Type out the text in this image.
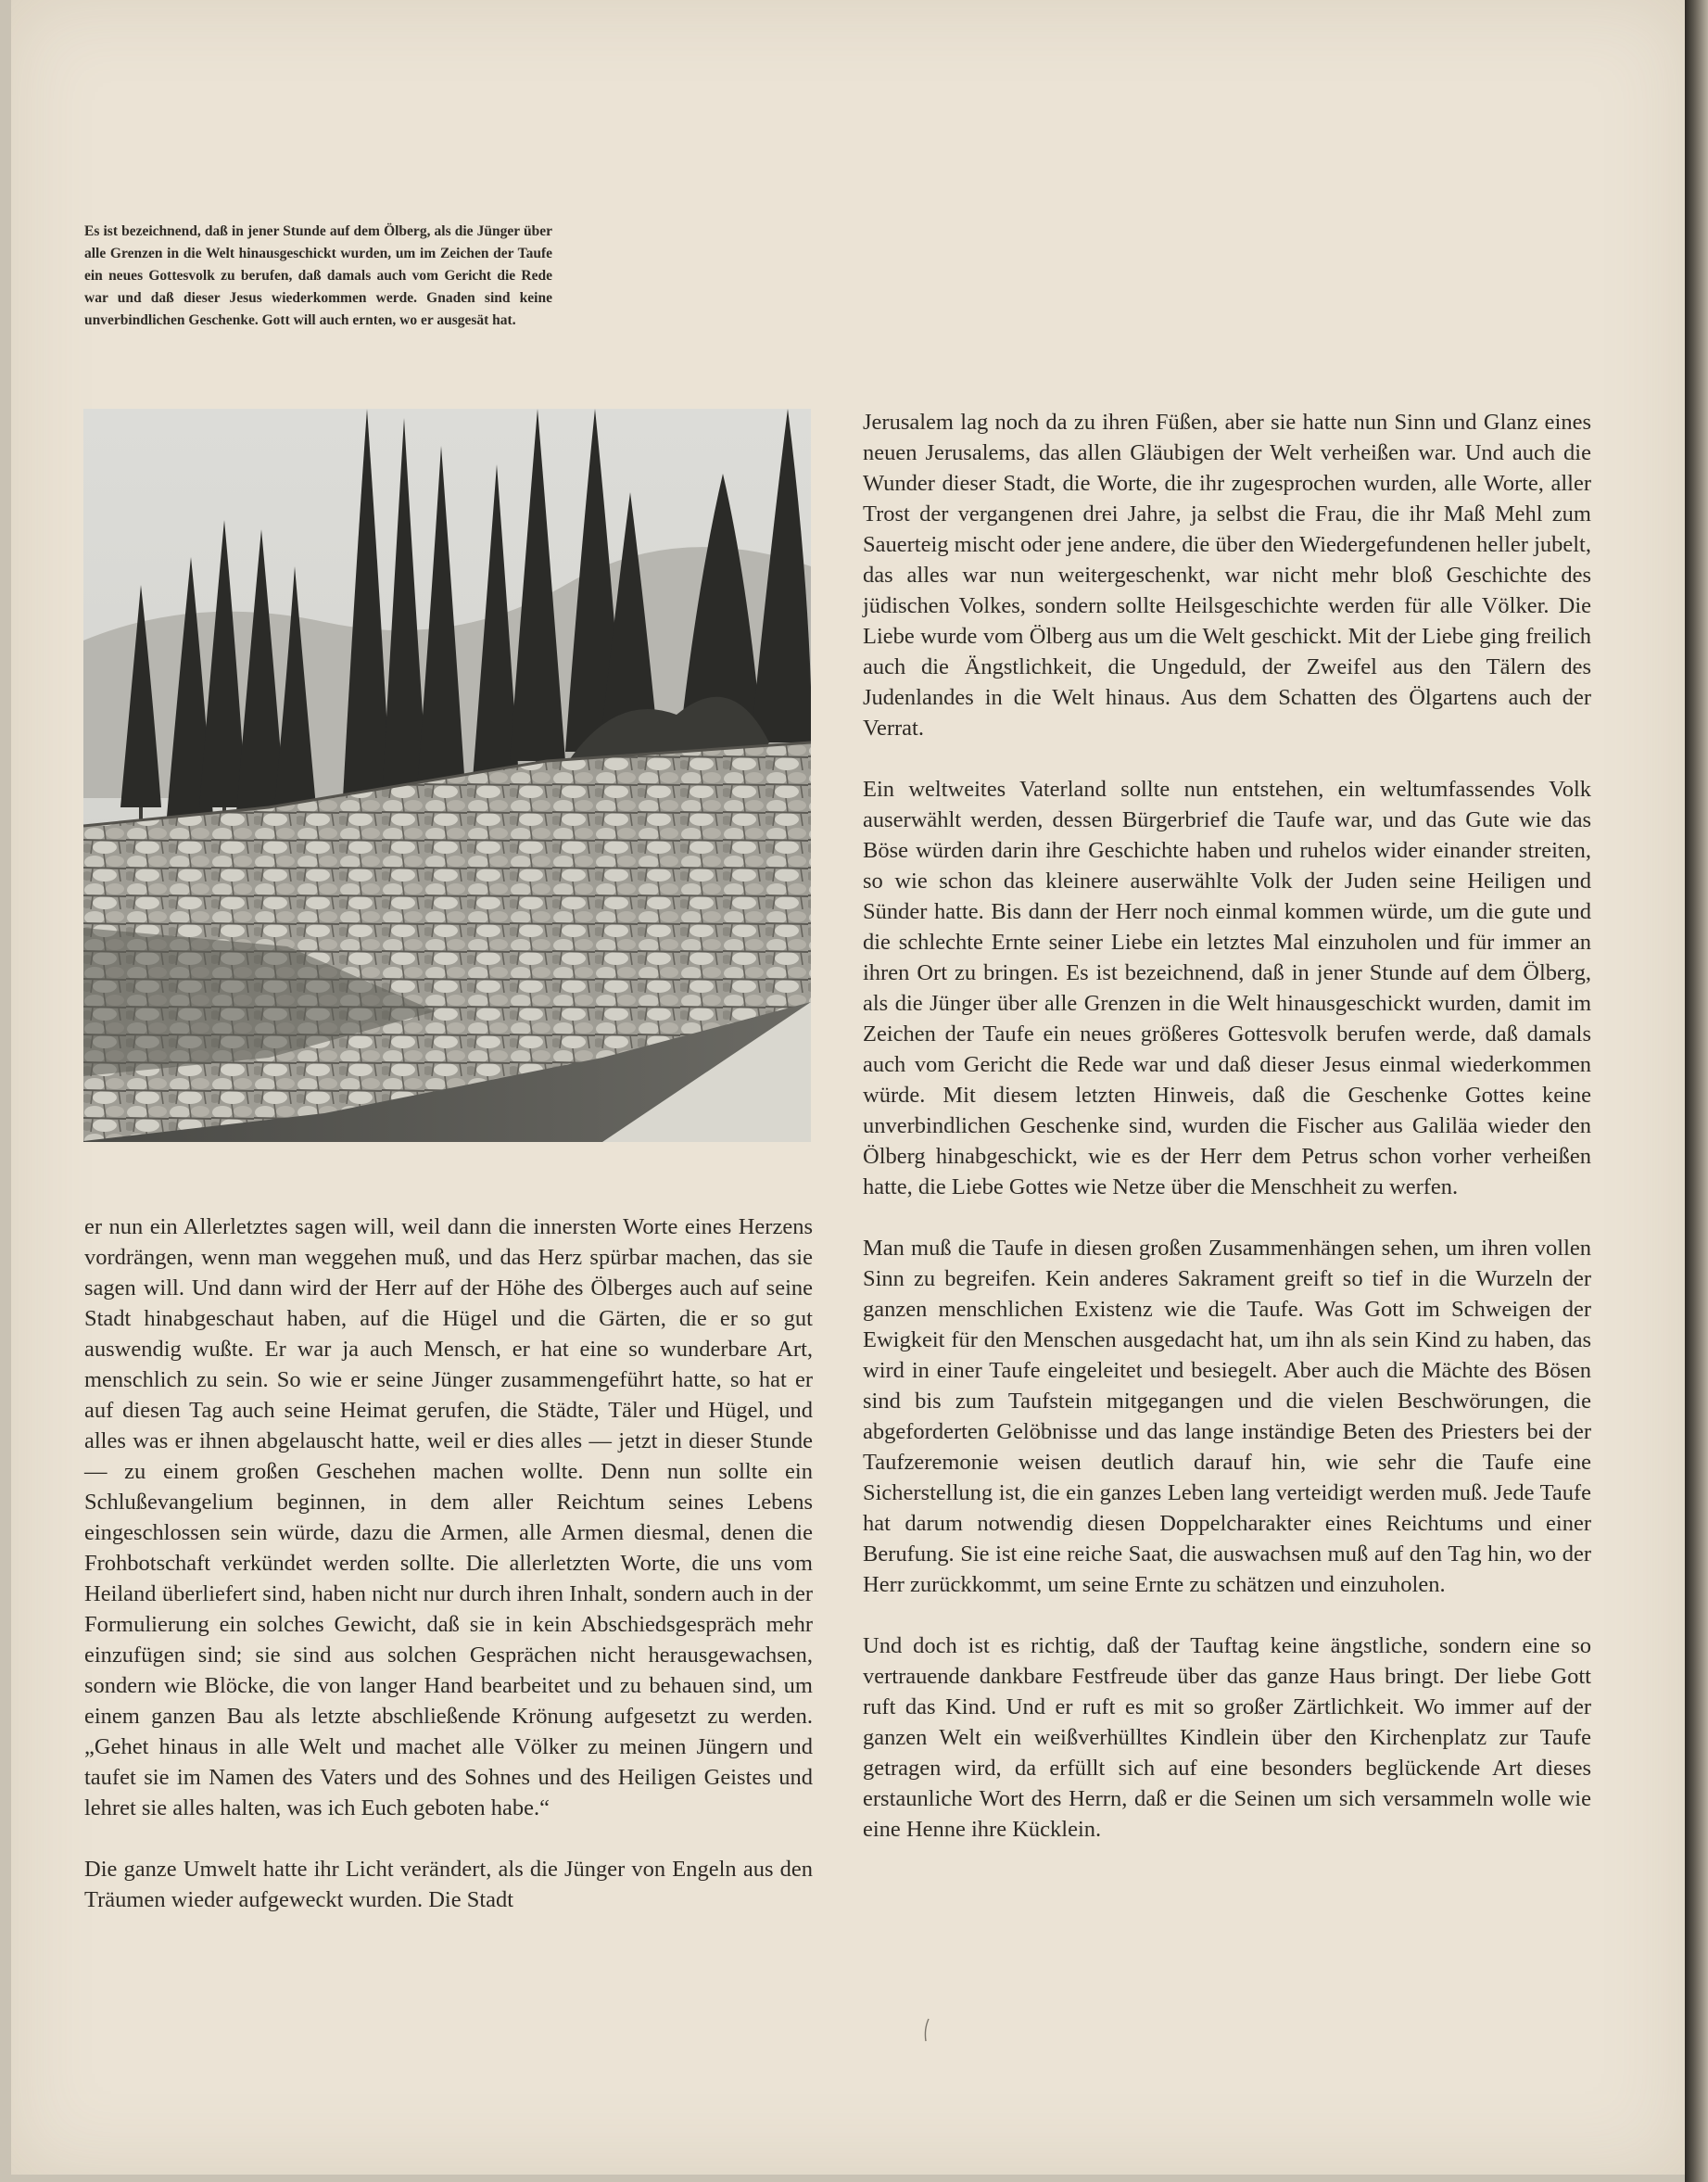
Es ist bezeichnend, daß in jener Stunde auf dem Ölberg, als die Jünger über alle Grenzen in die Welt hinausgeschickt wurden, um im Zeichen der Taufe ein neues Gottesvolk zu berufen, daß damals auch vom Gericht die Rede war und daß dieser Jesus wiederkommen werde. Gnaden sind keine unverbindlichen Geschenke. Gott will auch ernten, wo er ausgesät hat.

er nun ein Allerletztes sagen will, weil dann die innersten Worte eines Herzens vordrängen, wenn man weggehen muß, und das Herz spürbar machen, das sie sagen will. Und dann wird der Herr auf der Höhe des Ölberges auch auf seine Stadt hinabgeschaut haben, auf die Hügel und die Gärten, die er so gut auswendig wußte. Er war ja auch Mensch, er hat eine so wunderbare Art, menschlich zu sein. So wie er seine Jünger zusammengeführt hatte, so hat er auf diesen Tag auch seine Heimat gerufen, die Städte, Täler und Hügel, und alles was er ihnen abgelauscht hatte, weil er dies alles — jetzt in dieser Stunde — zu einem großen Geschehen machen wollte. Denn nun sollte ein Schlußevangelium beginnen, in dem aller Reichtum seines Lebens eingeschlossen sein würde, dazu die Armen, alle Armen diesmal, denen die Frohbotschaft verkündet werden sollte. Die allerletzten Worte, die uns vom Heiland überliefert sind, haben nicht nur durch ihren Inhalt, sondern auch in der Formulierung ein solches Gewicht, daß sie in kein Abschiedsgespräch mehr einzufügen sind; sie sind aus solchen Gesprächen nicht herausgewachsen, sondern wie Blöcke, die von langer Hand bearbeitet und zu behauen sind, um einem ganzen Bau als letzte abschließende Krönung aufgesetzt zu werden. „Gehet hinaus in alle Welt und machet alle Völker zu meinen Jüngern und taufet sie im Namen des Vaters und des Sohnes und des Heiligen Geistes und lehret sie alles halten, was ich Euch geboten habe.“

Die ganze Umwelt hatte ihr Licht verändert, als die Jünger von Engeln aus den Träumen wieder aufgeweckt wurden. Die Stadt

Jerusalem lag noch da zu ihren Füßen, aber sie hatte nun Sinn und Glanz eines neuen Jerusalems, das allen Gläubigen der Welt verheißen war. Und auch die Wunder dieser Stadt, die Worte, die ihr zugesprochen wurden, alle Worte, aller Trost der vergangenen drei Jahre, ja selbst die Frau, die ihr Maß Mehl zum Sauerteig mischt oder jene andere, die über den Wiedergefundenen heller jubelt, das alles war nun weitergeschenkt, war nicht mehr bloß Geschichte des jüdischen Volkes, sondern sollte Heilsgeschichte werden für alle Völker. Die Liebe wurde vom Ölberg aus um die Welt geschickt. Mit der Liebe ging freilich auch die Ängstlichkeit, die Ungeduld, der Zweifel aus den Tälern des Judenlandes in die Welt hinaus. Aus dem Schatten des Ölgartens auch der Verrat.

Ein weltweites Vaterland sollte nun entstehen, ein weltumfassendes Volk auserwählt werden, dessen Bürgerbrief die Taufe war, und das Gute wie das Böse würden darin ihre Geschichte haben und ruhelos wider einander streiten, so wie schon das kleinere auserwählte Volk der Juden seine Heiligen und Sünder hatte. Bis dann der Herr noch einmal kommen würde, um die gute und die schlechte Ernte seiner Liebe ein letztes Mal einzuholen und für immer an ihren Ort zu bringen. Es ist bezeichnend, daß in jener Stunde auf dem Ölberg, als die Jünger über alle Grenzen in die Welt hinausgeschickt wurden, damit im Zeichen der Taufe ein neues größeres Gottesvolk berufen werde, daß damals auch vom Gericht die Rede war und daß dieser Jesus einmal wiederkommen würde. Mit diesem letzten Hinweis, daß die Geschenke Gottes keine unverbindlichen Geschenke sind, wurden die Fischer aus Galiläa wieder den Ölberg hinabgeschickt, wie es der Herr dem Petrus schon vorher verheißen hatte, die Liebe Gottes wie Netze über die Menschheit zu werfen.

Man muß die Taufe in diesen großen Zusammenhängen sehen, um ihren vollen Sinn zu begreifen. Kein anderes Sakrament greift so tief in die Wurzeln der ganzen menschlichen Existenz wie die Taufe. Was Gott im Schweigen der Ewigkeit für den Menschen ausgedacht hat, um ihn als sein Kind zu haben, das wird in einer Taufe eingeleitet und besiegelt. Aber auch die Mächte des Bösen sind bis zum Taufstein mitgegangen und die vielen Beschwörungen, die abgeforderten Gelöbnisse und das lange inständige Beten des Priesters bei der Taufzeremonie weisen deutlich darauf hin, wie sehr die Taufe eine Sicherstellung ist, die ein ganzes Leben lang verteidigt werden muß. Jede Taufe hat darum notwendig diesen Doppelcharakter eines Reichtums und einer Berufung. Sie ist eine reiche Saat, die auswachsen muß auf den Tag hin, wo der Herr zurückkommt, um seine Ernte zu schätzen und einzuholen.

Und doch ist es richtig, daß der Tauftag keine ängstliche, sondern eine so vertrauende dankbare Festfreude über das ganze Haus bringt. Der liebe Gott ruft das Kind. Und er ruft es mit so großer Zärtlichkeit. Wo immer auf der ganzen Welt ein weißverhülltes Kindlein über den Kirchenplatz zur Taufe getragen wird, da erfüllt sich auf eine besonders beglückende Art dieses erstaunliche Wort des Herrn, daß er die Seinen um sich versammeln wolle wie eine Henne ihre Kücklein.
